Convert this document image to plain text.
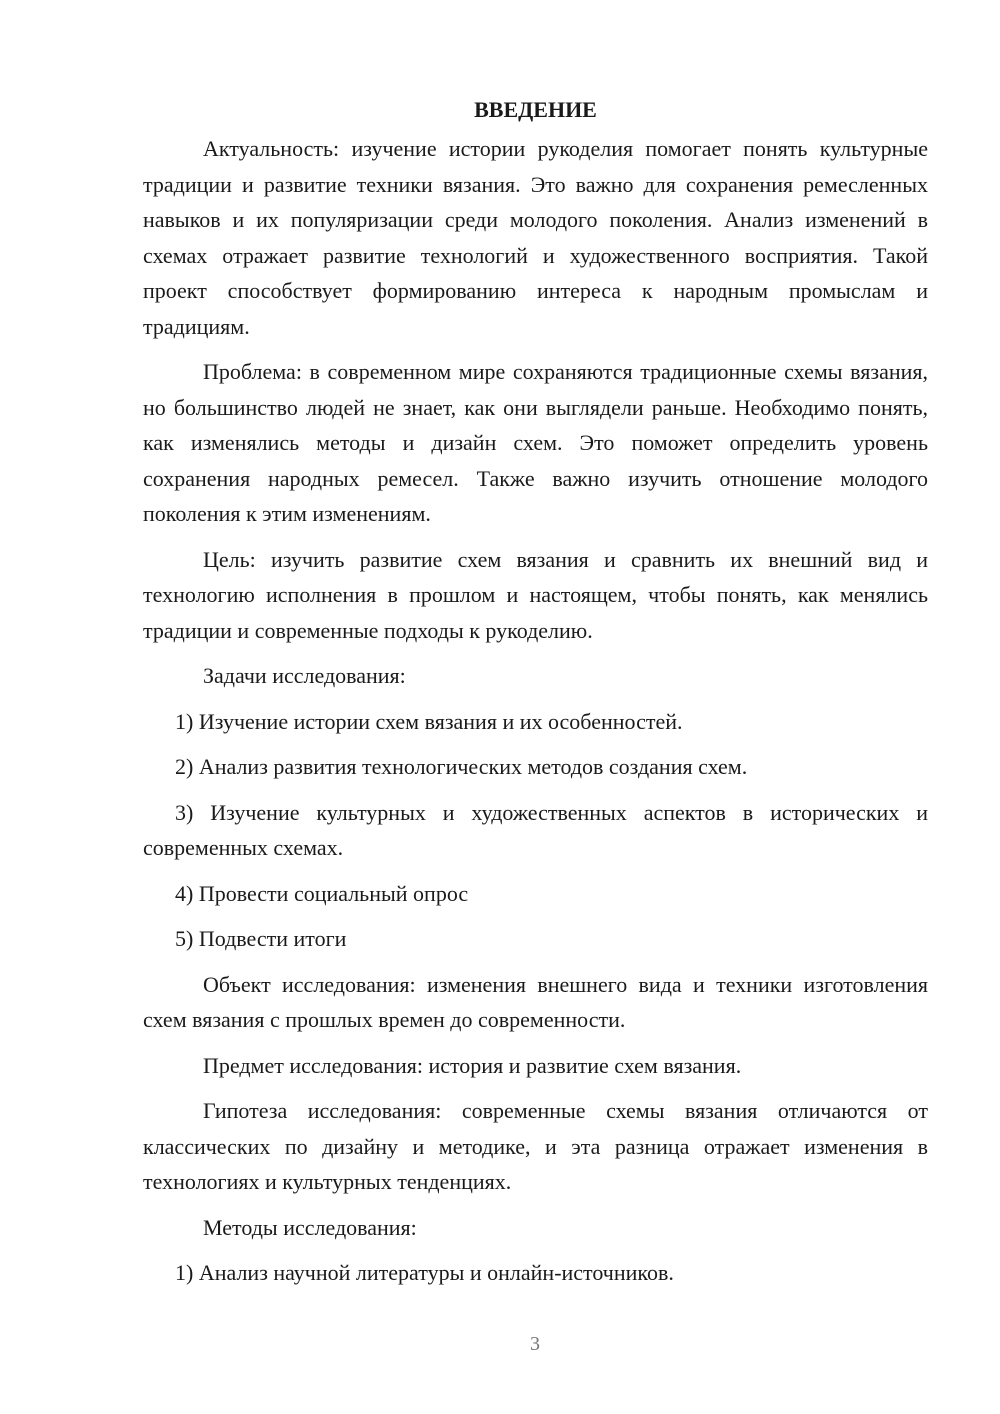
ВВЕДЕНИЕ

Актуальность: изучение истории рукоделия помогает понять культурные традиции и развитие техники вязания. Это важно для сохранения ремесленных навыков и их популяризации среди молодого поколения. Анализ изменений в схемах отражает развитие технологий и художественного восприятия. Такой проект способствует формированию интереса к народным промыслам и традициям.

Проблема: в современном мире сохраняются традиционные схемы вязания, но большинство людей не знает, как они выглядели раньше. Необходимо понять, как изменялись методы и дизайн схем. Это поможет определить уровень сохранения народных ремесел. Также важно изучить отношение молодого поколения к этим изменениям.

Цель: изучить развитие схем вязания и сравнить их внешний вид и технологию исполнения в прошлом и настоящем, чтобы понять, как менялись традиции и современные подходы к рукоделию.

Задачи исследования:

1) Изучение истории схем вязания и их особенностей.

2) Анализ развития технологических методов создания схем.

3) Изучение культурных и художественных аспектов в исторических и современных схемах.

4) Провести социальный опрос

5) Подвести итоги

Объект исследования: изменения внешнего вида и техники изготовления схем вязания с прошлых времен до современности.

Предмет исследования: история и развитие схем вязания.

Гипотеза исследования: современные схемы вязания отличаются от классических по дизайну и методике, и эта разница отражает изменения в технологиях и культурных тенденциях.

Методы исследования:

1) Анализ научной литературы и онлайн-источников.

3
